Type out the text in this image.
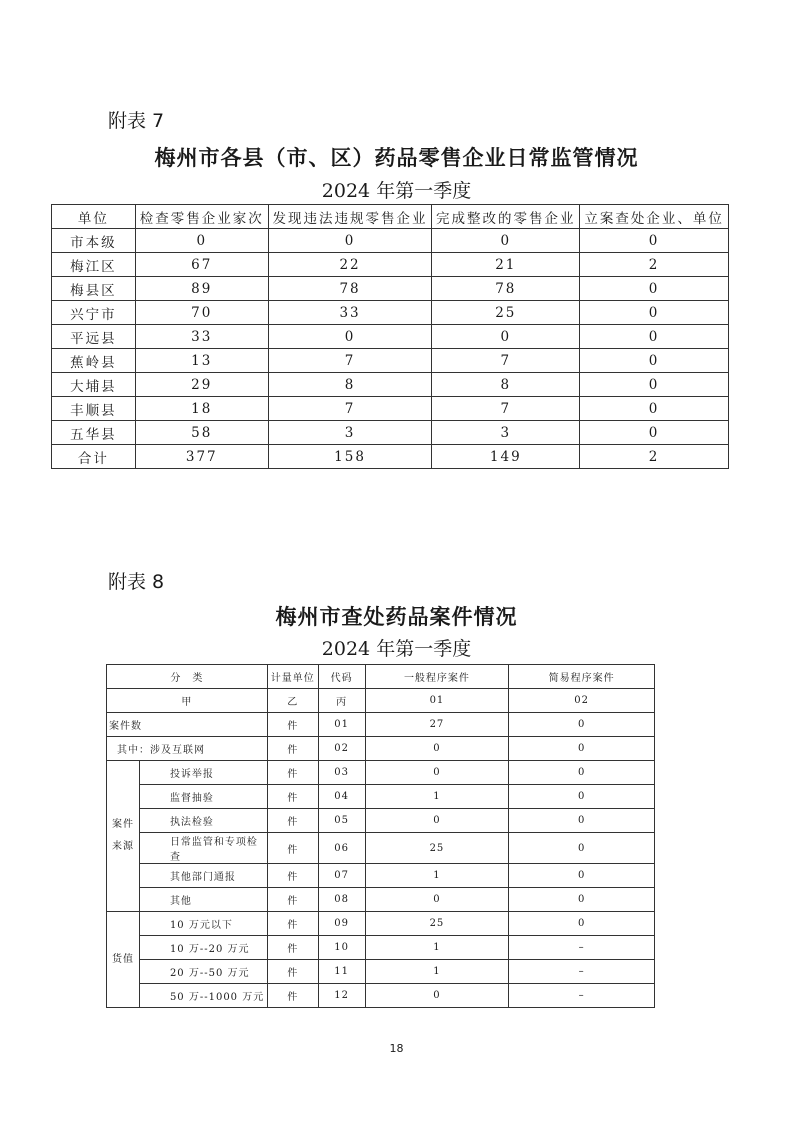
附表 7
梅州市各县（市、区）药品零售企业日常监管情况
2024 年第一季度
单位	检查零售企业家次	发现违法违规零售企业	完成整改的零售企业	立案查处企业、单位
市本级	0	0	0	0
梅江区	67	22	21	2
梅县区	89	78	78	0
兴宁市	70	33	25	0
平远县	33	0	0	0
蕉岭县	13	7	7	0
大埔县	29	8	8	0
丰顺县	18	7	7	0
五华县	58	3	3	0
合计	377	158	149	2
附表 8
梅州市查处药品案件情况
2024 年第一季度
分　类		计量单位	代码	一般程序案件	简易程序案件
甲		乙	丙	01	02
案件数		件	01	27	0
其中：涉及互联网		件	02	0	0

案件
来源	投诉举报	件	03	0	0
	监督抽验	件	04	1	0
	执法检验	件	05	0	0
	日常监管和专项检查	件	06	25	0
	其他部门通报	件	07	1	0
	其他	件	08	0	0
货值	10 万元以下	件	09	25	0
	10 万--20 万元	件	10	1	–
	20 万--50 万元	件	11	1	–
	50 万--1000 万元	件	12	0	–
18
